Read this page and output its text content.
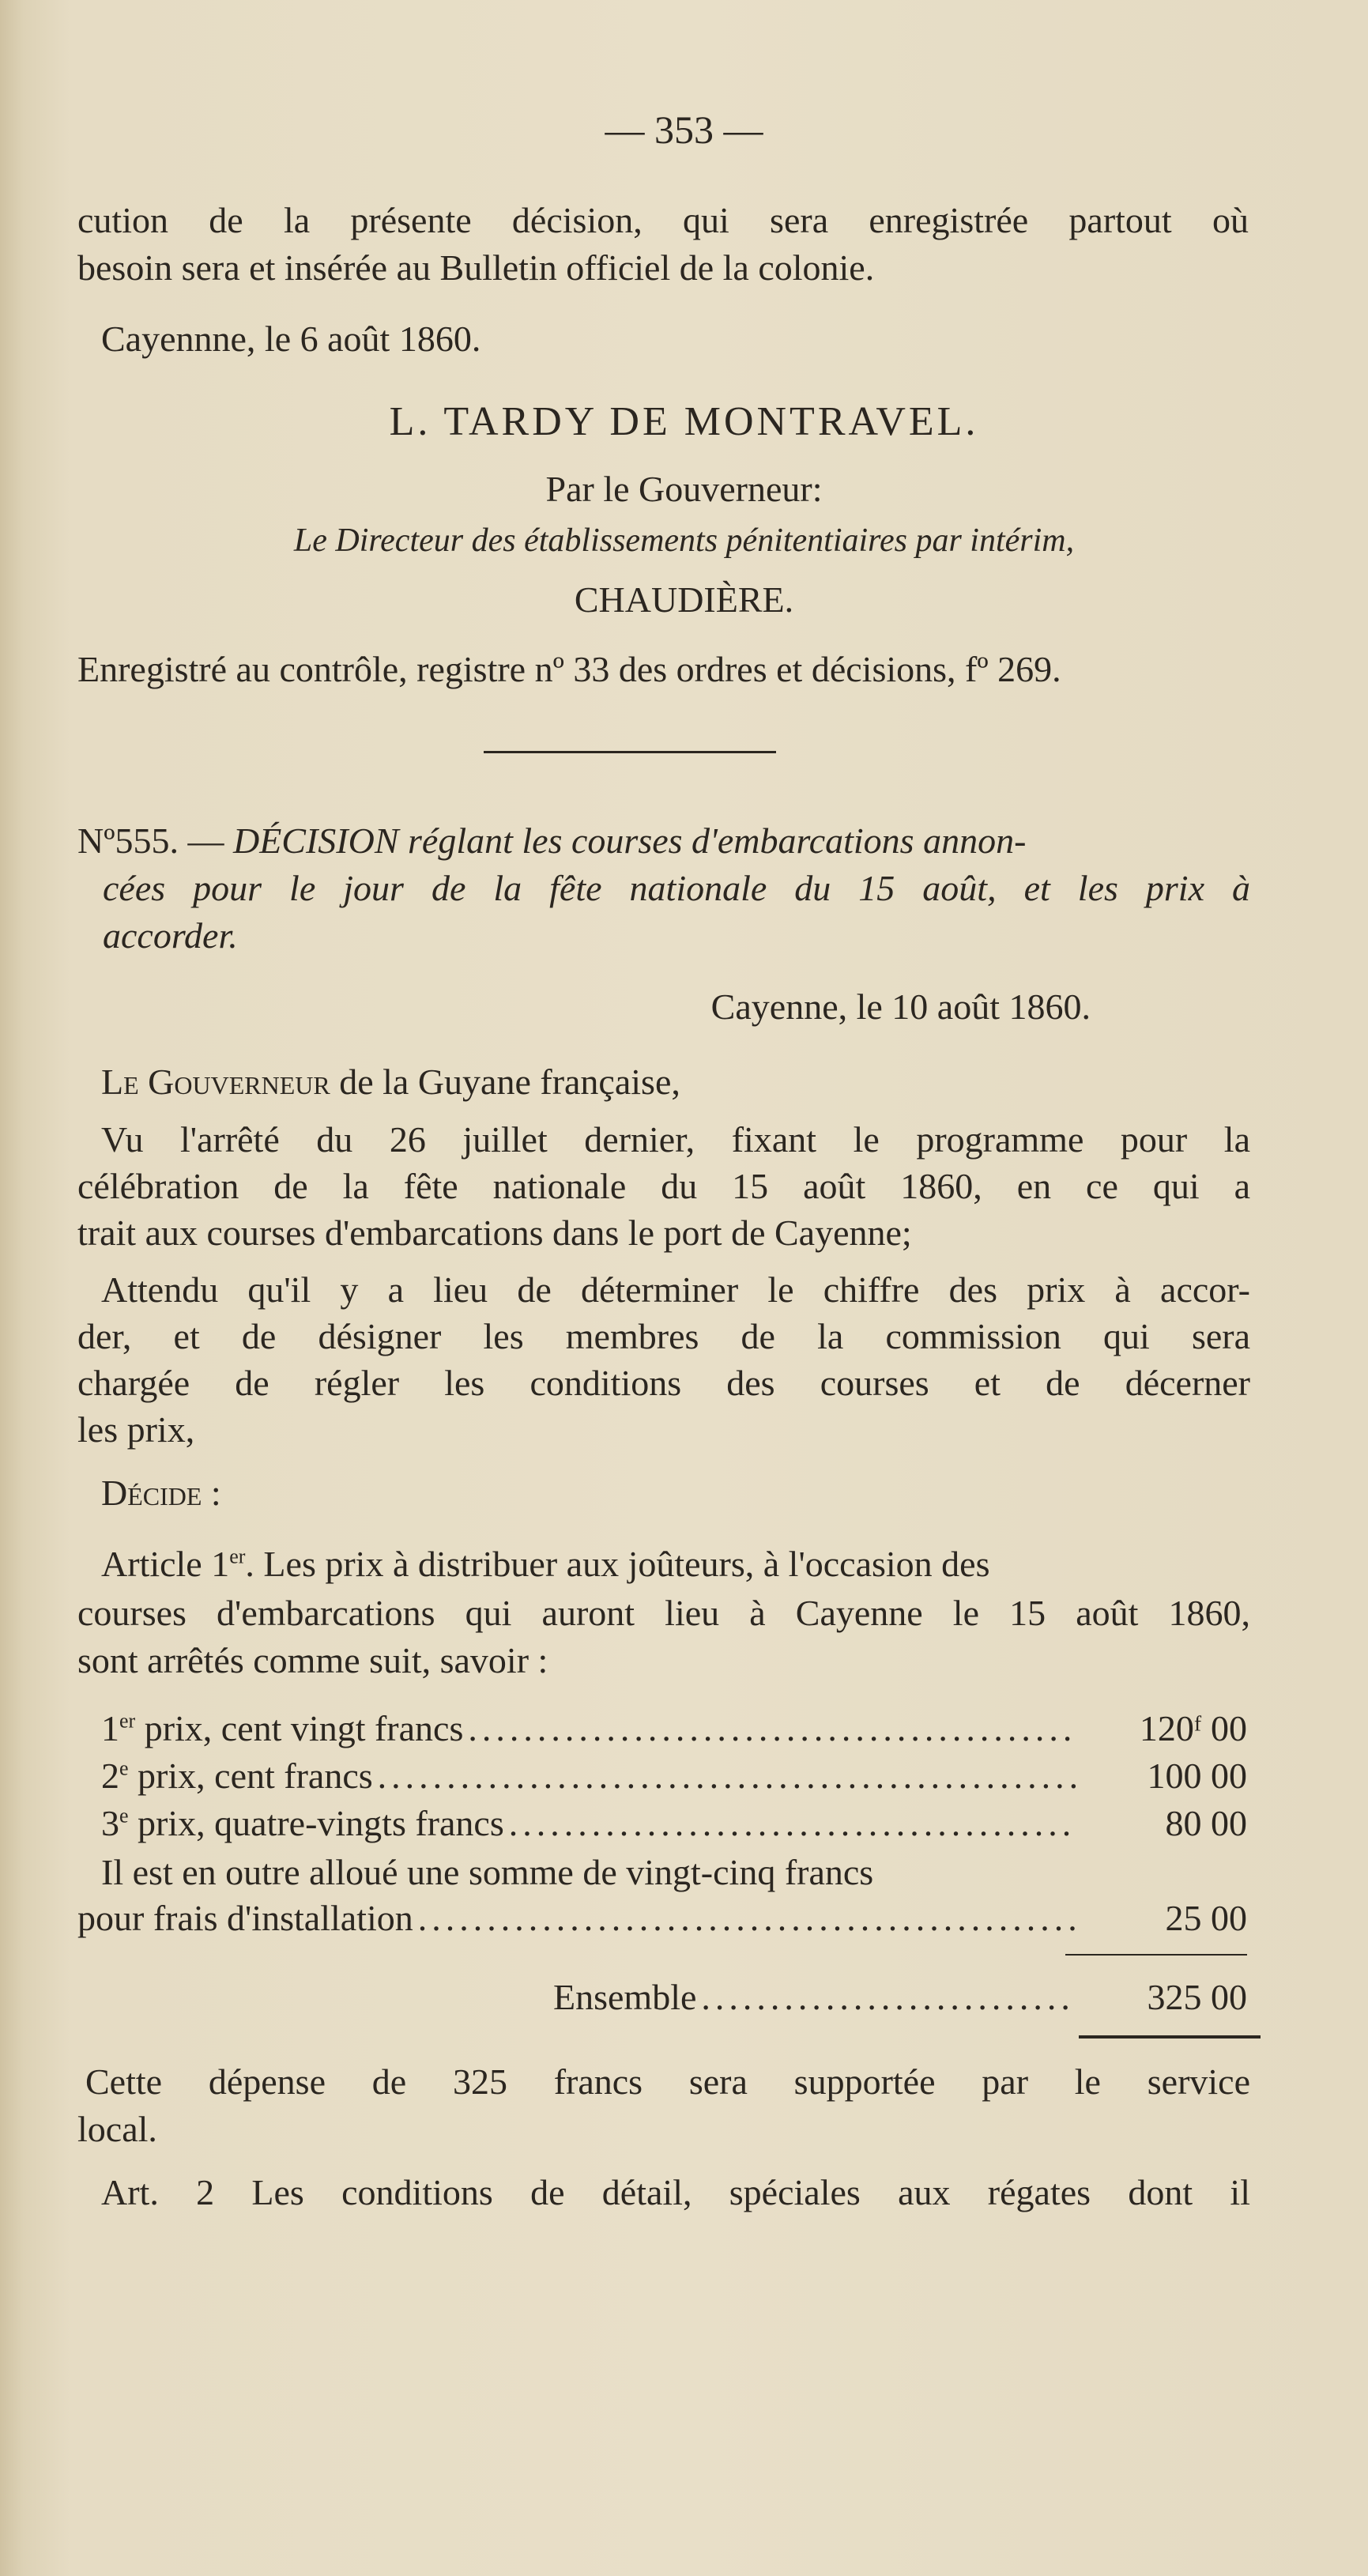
— 353 —
cution de la présente décision, qui sera enregistrée partout où
besoin sera et insérée au Bulletin officiel de la colonie.
Cayennne, le 6 août 1860.
L. TARDY DE MONTRAVEL.
Par le Gouverneur:
Le Directeur des établissements pénitentiaires par intérim,
CHAUDIÈRE.
Enregistré au contrôle, registre nº 33 des ordres et décisions, fº 269.
Nº555. — DÉCISION réglant les courses d'embarcations annon-
cées pour le jour de la fête nationale du 15 août, et les prix à
accorder.
Cayenne, le 10 août 1860.
Le Gouverneur de la Guyane française,
Vu l'arrêté du 26 juillet dernier, fixant le programme pour la
célébration de la fête nationale du 15 août 1860, en ce qui a
trait aux courses d'embarcations dans le port de Cayenne;
Attendu qu'il y a lieu de déterminer le chiffre des prix à accor-
der, et de désigner les membres de la commission qui sera
chargée de régler les conditions des courses et de décerner
les prix,
Décide :
Article 1er. Les prix à distribuer aux joûteurs, à l'occasion des
courses d'embarcations qui auront lieu à Cayenne le 15 août 1860,
sont arrêtés comme suit, savoir :
1er prix, cent vingt francs .....	120ᶠ 00
2e prix, cent francs .....	100 00
3e prix, quatre-vingts francs .....	80 00
Il est en outre alloué une somme de vingt-cinq francs
pour frais d'installation .....	25 00
Ensemble .....	325 00
Cette dépense de 325 francs sera supportée par le service
local.
Art. 2 Les conditions de détail, spéciales aux régates dont il
